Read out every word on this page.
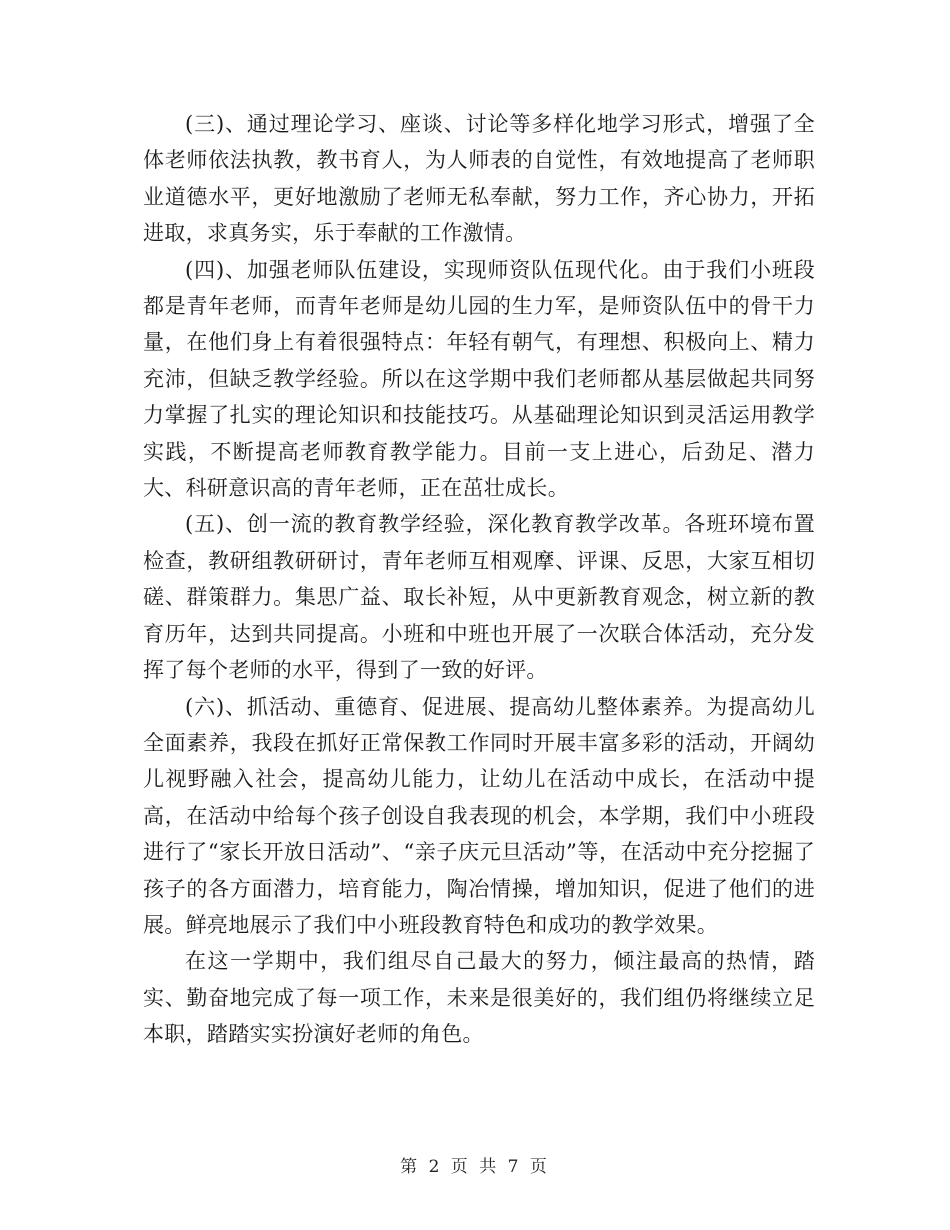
(三)、通过理论学习、座谈、讨论等多样化地学习形式，增强了全体老师依法执教，教书育人，为人师表的自觉性，有效地提高了老师职业道德水平，更好地激励了老师无私奉献，努力工作，齐心协力，开拓进取，求真务实，乐于奉献的工作激情。

(四)、加强老师队伍建设，实现师资队伍现代化。由于我们小班段都是青年老师，而青年老师是幼儿园的生力军，是师资队伍中的骨干力量，在他们身上有着很强特点：年轻有朝气，有理想、积极向上、精力充沛，但缺乏教学经验。所以在这学期中我们老师都从基层做起共同努力掌握了扎实的理论知识和技能技巧。从基础理论知识到灵活运用教学实践，不断提高老师教育教学能力。目前一支上进心，后劲足、潜力大、科研意识高的青年老师，正在茁壮成长。

(五)、创一流的教育教学经验，深化教育教学改革。各班环境布置检查，教研组教研研讨，青年老师互相观摩、评课、反思，大家互相切磋、群策群力。集思广益、取长补短，从中更新教育观念，树立新的教育历年，达到共同提高。小班和中班也开展了一次联合体活动，充分发挥了每个老师的水平，得到了一致的好评。

(六)、抓活动、重德育、促进展、提高幼儿整体素养。为提高幼儿全面素养，我段在抓好正常保教工作同时开展丰富多彩的活动，开阔幼儿视野融入社会，提高幼儿能力，让幼儿在活动中成长，在活动中提高，在活动中给每个孩子创设自我表现的机会，本学期，我们中小班段进行了“家长开放日活动”、“亲子庆元旦活动”等，在活动中充分挖掘了孩子的各方面潜力，培育能力，陶冶情操，增加知识，促进了他们的进展。鲜亮地展示了我们中小班段教育特色和成功的教学效果。

在这一学期中，我们组尽自己最大的努力，倾注最高的热情，踏实、勤奋地完成了每一项工作，未来是很美好的，我们组仍将继续立足本职，踏踏实实扮演好老师的角色。

第 2 页 共 7 页
